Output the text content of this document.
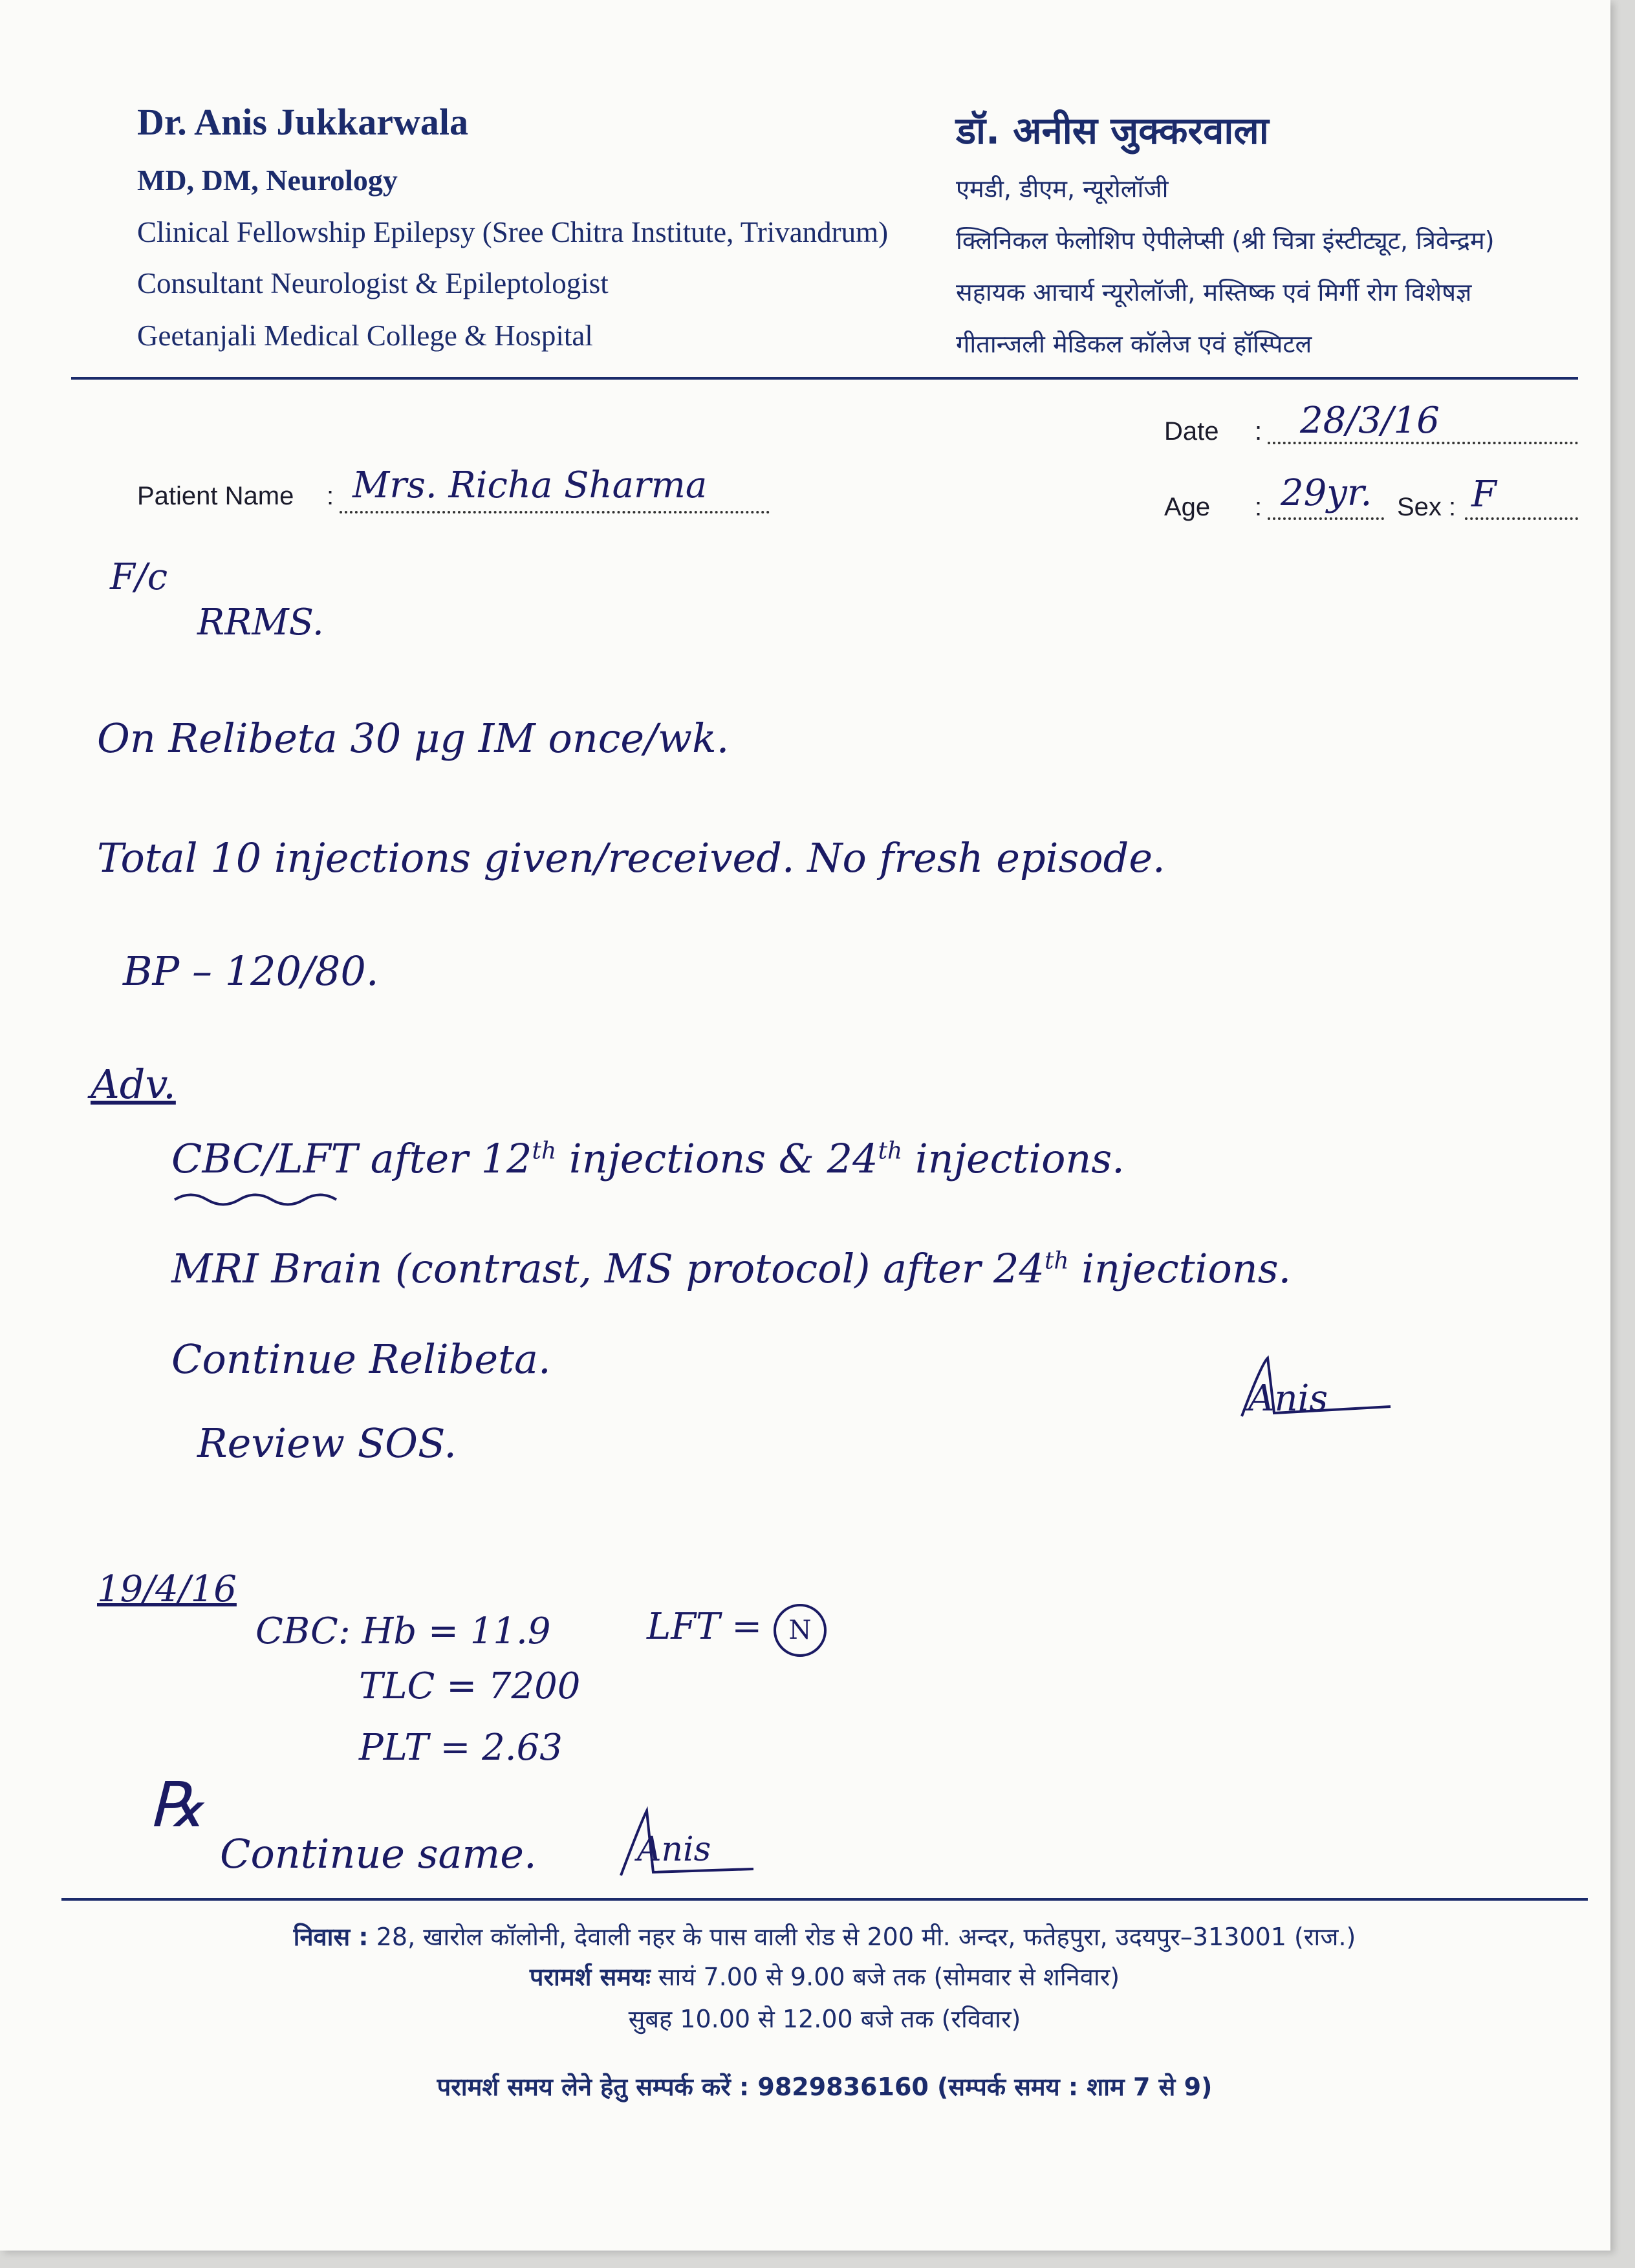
Dr. Anis Jukkarwala
MD, DM, Neurology
Clinical Fellowship Epilepsy (Sree Chitra Institute, Trivandrum)
Consultant Neurologist & Epileptologist
Geetanjali Medical College & Hospital
डॉ. अनीस जुक्करवाला
एमडी, डीएम, न्यूरोलॉजी
क्लिनिकल फेलोशिप ऐपीलेप्सी (श्री चित्रा इंस्टीट्यूट, त्रिवेन्द्रम)
सहायक आचार्य न्यूरोलॉजी, मस्तिष्क एवं मिर्गी रोग विशेषज्ञ
गीतान्जली मेडिकल कॉलेज एवं हॉस्पिटल
Date : 28/3/16
Patient Name : Mrs. Richa Sharma
Age : 29yr. Sex : F
F/c
RRMS.
On Relibeta 30 μg IM once/wk.
Total 10 injections given/received. No fresh episode.
BP – 120/80.
Adv.
CBC/LFT after 12th injections & 24th injections.
MRI Brain (contrast, MS protocol) after 24th injections.
Continue Relibeta.
Review SOS.
Anis
19/4/16
CBC: Hb = 11.9
TLC = 7200
PLT = 2.63
LFT = N
℞
Continue same.	Anis
निवास : 28, खारोल कॉलोनी, देवाली नहर के पास वाली रोड से 200 मी. अन्दर, फतेहपुरा, उदयपुर–313001 (राज.)
परामर्श समयः सायं 7.00 से 9.00 बजे तक (सोमवार से शनिवार)
सुबह 10.00 से 12.00 बजे तक (रविवार)
परामर्श समय लेने हेतु सम्पर्क करें : 9829836160 (सम्पर्क समय : शाम 7 से 9)
